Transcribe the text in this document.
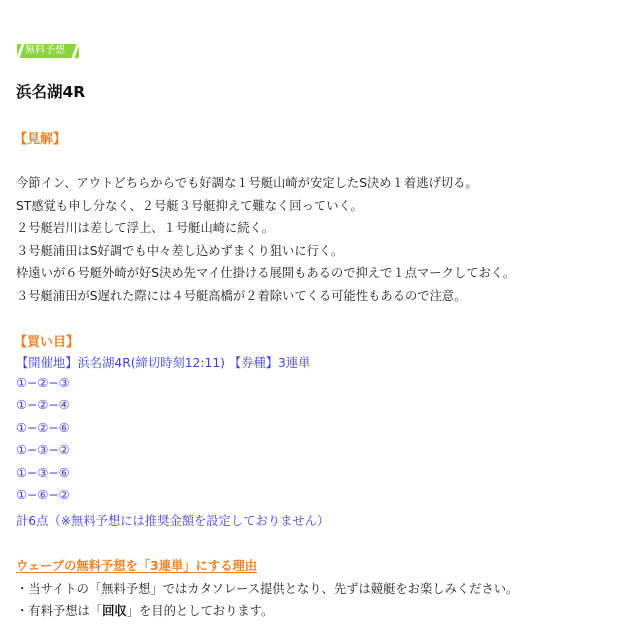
無料予想
浜名湖4R
【見解】
今節イン、アウトどちらからでも好調な１号艇山崎が安定したS決め１着逃げ切る。
ST感覚も申し分なく、２号艇３号艇抑えて難なく回っていく。
２号艇岩川は差して浮上、１号艇山崎に続く。
３号艇浦田はS好調でも中々差し込めずまくり狙いに行く。
枠遠いが６号艇外崎が好S決め先マイ仕掛ける展開もあるので抑えで１点マークしておく。
３号艇浦田がS遅れた際には４号艇高橋が２着除いてくる可能性もあるので注意。
【買い目】
【開催地】浜名湖4R(締切時刻12:11) 【券種】3連単
①−②−③
①−②−④
①−②−⑥
①−③−②
①−③−⑥
①−⑥−②
計6点（※無料予想には推奨金額を設定しておりません）
ウェーブの無料予想を「3連単」にする理由
・当サイトの「無料予想」ではカタソレース提供となり、先ずは競艇をお楽しみください。
・有料予想は「回収」を目的としております。
